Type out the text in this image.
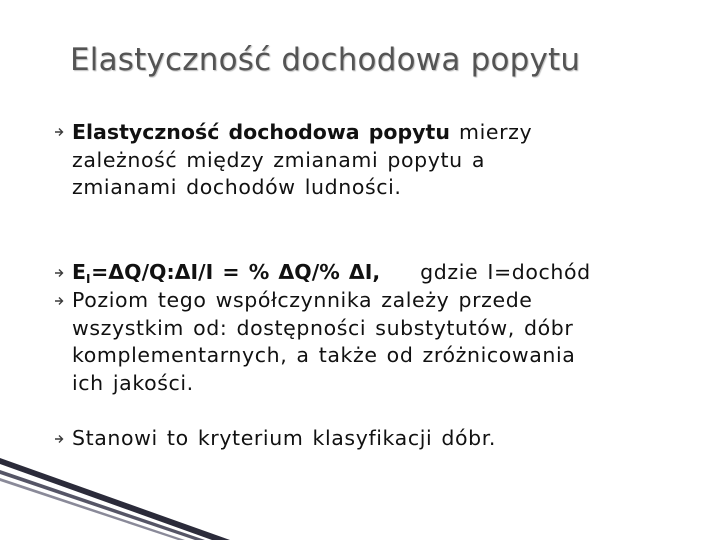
Elastyczność dochodowa popytu
Elastyczność dochodowa popytu mierzy
zależność między zmianami popytu a
zmianami dochodów ludności.
$E_I=\Delta Q/Q:\Delta I/I$ = % ΔQ/% ΔI, gdzie I=dochód
Poziom tego współczynnika zależy przede
wszystkim od: dostępności substytutów, dóbr
komplementarnych, a także od zróżnicowania
ich jakości.
Stanowi to kryterium klasyfikacji dóbr.
